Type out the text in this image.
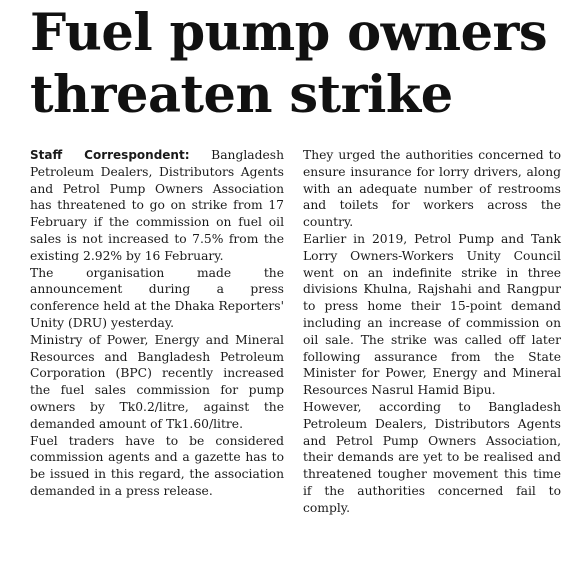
Fuel pump owners
threaten strike

Staff Correspondent: Bangladesh Petroleum Dealers, Distributors Agents and Petrol Pump Owners Association has threatened to go on strike from 17 February if the commission on fuel oil sales is not increased to 7.5% from the existing 2.92% by 16 February.

The organisation made the announcement during a press conference held at the Dhaka Reporters' Unity (DRU) yesterday.

Ministry of Power, Energy and Mineral Resources and Bangladesh Petroleum Corporation (BPC) recently increased the fuel sales commission for pump owners by Tk0.2/litre, against the demanded amount of Tk1.60/litre.

Fuel traders have to be considered commission agents and a gazette has to be issued in this regard, the association demanded in a press release.

They urged the authorities concerned to ensure insurance for lorry drivers, along with an adequate number of restrooms and toilets for workers across the country.

Earlier in 2019, Petrol Pump and Tank Lorry Owners-Workers Unity Council went on an indefinite strike in three divisions Khulna, Rajshahi and Rangpur to press home their 15-point demand including an increase of commission on oil sale. The strike was called off later following assurance from the State Minister for Power, Energy and Mineral Resources Nasrul Hamid Bipu.

However, according to Bangladesh Petroleum Dealers, Distributors Agents and Petrol Pump Owners Association, their demands are yet to be realised and threatened tougher movement this time if the authorities concerned fail to comply.
